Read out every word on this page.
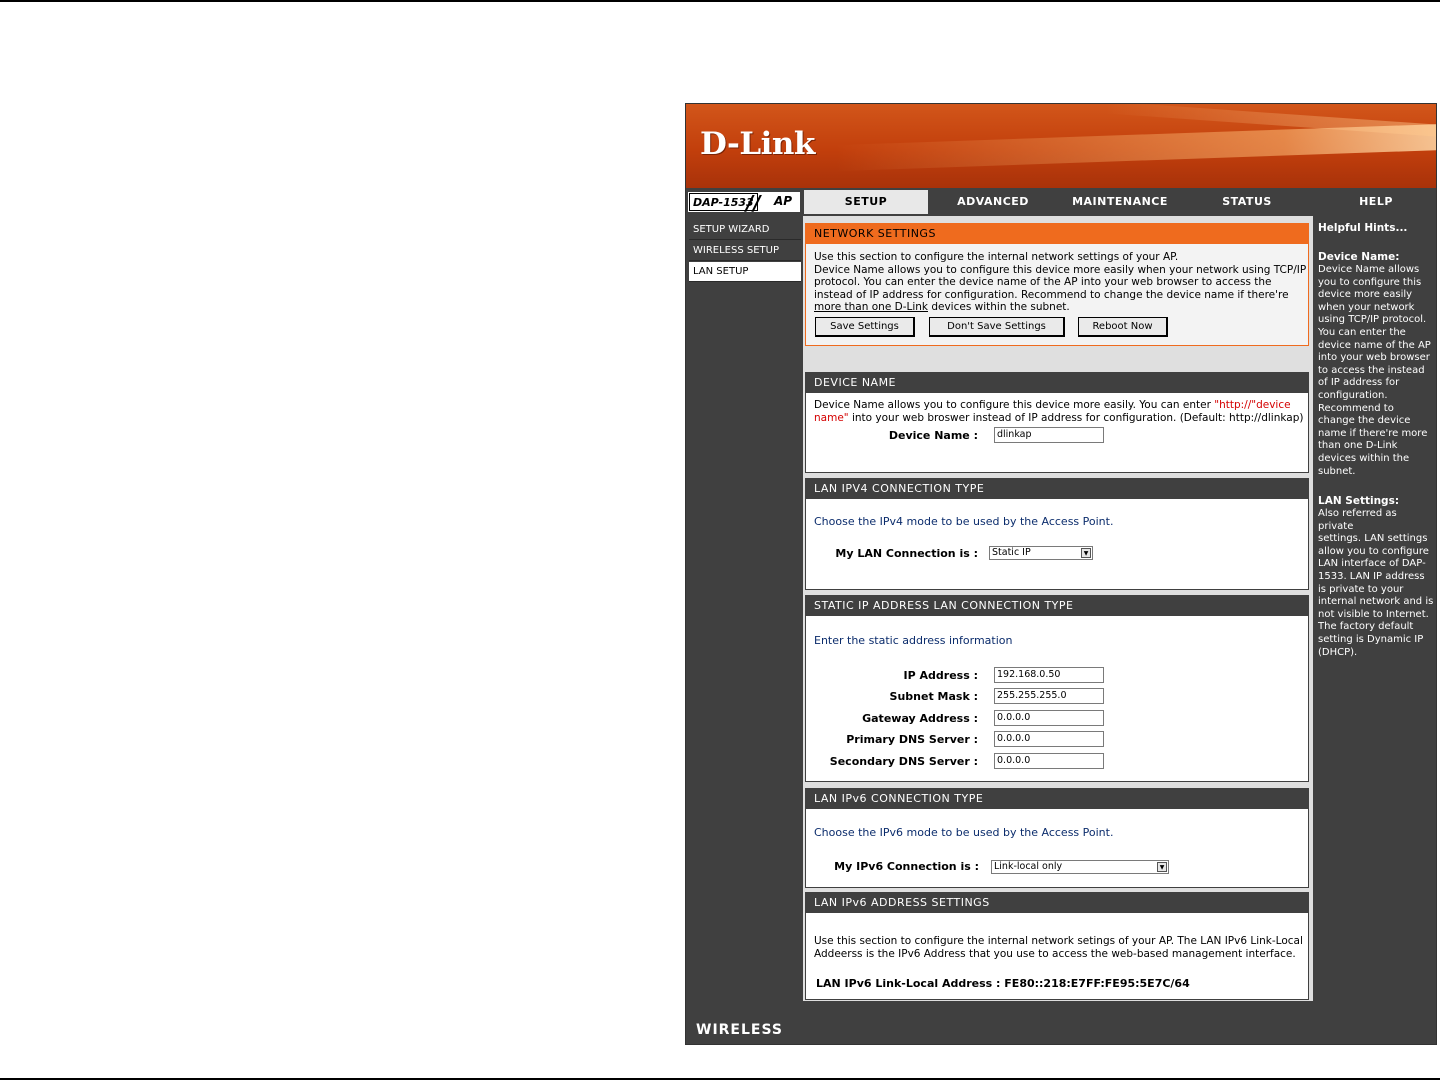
D-Link
DAP-1533
// AP	SETUP	ADVANCED	MAINTENANCE	STATUS	HELP
SETUP WIZARD
WIRELESS SETUP
LAN SETUP
NETWORK SETTINGS
Use this section to configure the internal network settings of your AP.
Device Name allows you to configure this device more easily when your network using TCP/IP
protocol. You can enter the device name of the AP into your web browser to access the
instead of IP address for configuration. Recommend to change the device name if there're
more than one D-Link devices within the subnet.
Save Settings	Don't Save Settings	Reboot Now
DEVICE NAME
Device Name allows you to configure this device more easily. You can enter "http://"device
name" into your web broswer instead of IP address for configuration. (Default: http://dlinkap)
Device Name :	dlinkap
LAN IPV4 CONNECTION TYPE
Choose the IPv4 mode to be used by the Access Point.
My LAN Connection is :	Static IP	▼
STATIC IP ADDRESS LAN CONNECTION TYPE
Enter the static address information
IP Address :	192.168.0.50
Subnet Mask :	255.255.255.0
Gateway Address :	0.0.0.0
Primary DNS Server :	0.0.0.0
Secondary DNS Server :	0.0.0.0
LAN IPv6 CONNECTION TYPE
Choose the IPv6 mode to be used by the Access Point.
My IPv6 Connection is :	Link-local only	▼
LAN IPv6 ADDRESS SETTINGS
Use this section to configure the internal network setings of your AP. The LAN IPv6 Link-Local
Addeerss is the IPv6 Address that you use to access the web-based management interface.
LAN IPv6 Link-Local Address : FE80::218:E7FF:FE95:5E7C/64
Helpful Hints...
Device Name:
Device Name allows
you to configure this
device more easily
when your network
using TCP/IP protocol.
You can enter the
device name of the AP
into your web browser
to access the instead
of IP address for
configuration.
Recommend to
change the device
name if there're more
than one D-Link
devices within the
subnet.
LAN Settings:
Also referred as private
settings. LAN settings
allow you to configure
LAN interface of DAP-
1533. LAN IP address
is private to your
internal network and is
not visible to Internet.
The factory default
setting is Dynamic IP
(DHCP).
WIRELESS
